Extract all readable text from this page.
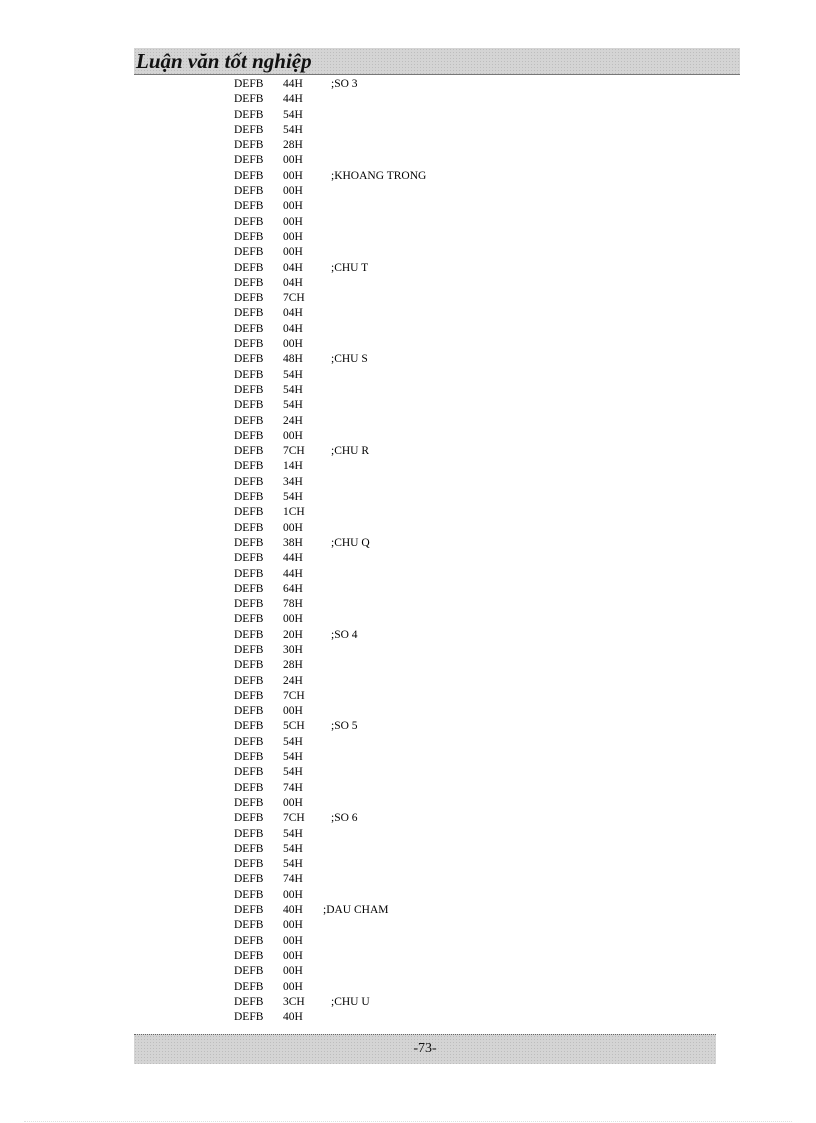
Luận văn tốt nghiệp
DEFB 44H ;SO 3
DEFB 44H
DEFB 54H
DEFB 54H
DEFB 28H
DEFB 00H
DEFB 00H ;KHOANG TRONG
DEFB 00H
DEFB 00H
DEFB 00H
DEFB 00H
DEFB 00H
DEFB 04H ;CHU T
DEFB 04H
DEFB 7CH
DEFB 04H
DEFB 04H
DEFB 00H
DEFB 48H ;CHU S
DEFB 54H
DEFB 54H
DEFB 54H
DEFB 24H
DEFB 00H
DEFB 7CH ;CHU R
DEFB 14H
DEFB 34H
DEFB 54H
DEFB 1CH
DEFB 00H
DEFB 38H ;CHU Q
DEFB 44H
DEFB 44H
DEFB 64H
DEFB 78H
DEFB 00H
DEFB 20H ;SO 4
DEFB 30H
DEFB 28H
DEFB 24H
DEFB 7CH
DEFB 00H
DEFB 5CH ;SO 5
DEFB 54H
DEFB 54H
DEFB 54H
DEFB 74H
DEFB 00H
DEFB 7CH ;SO 6
DEFB 54H
DEFB 54H
DEFB 54H
DEFB 74H
DEFB 00H
DEFB 40H ;DAU CHAM
DEFB 00H
DEFB 00H
DEFB 00H
DEFB 00H
DEFB 00H
DEFB 3CH ;CHU U
DEFB 40H
-73-
